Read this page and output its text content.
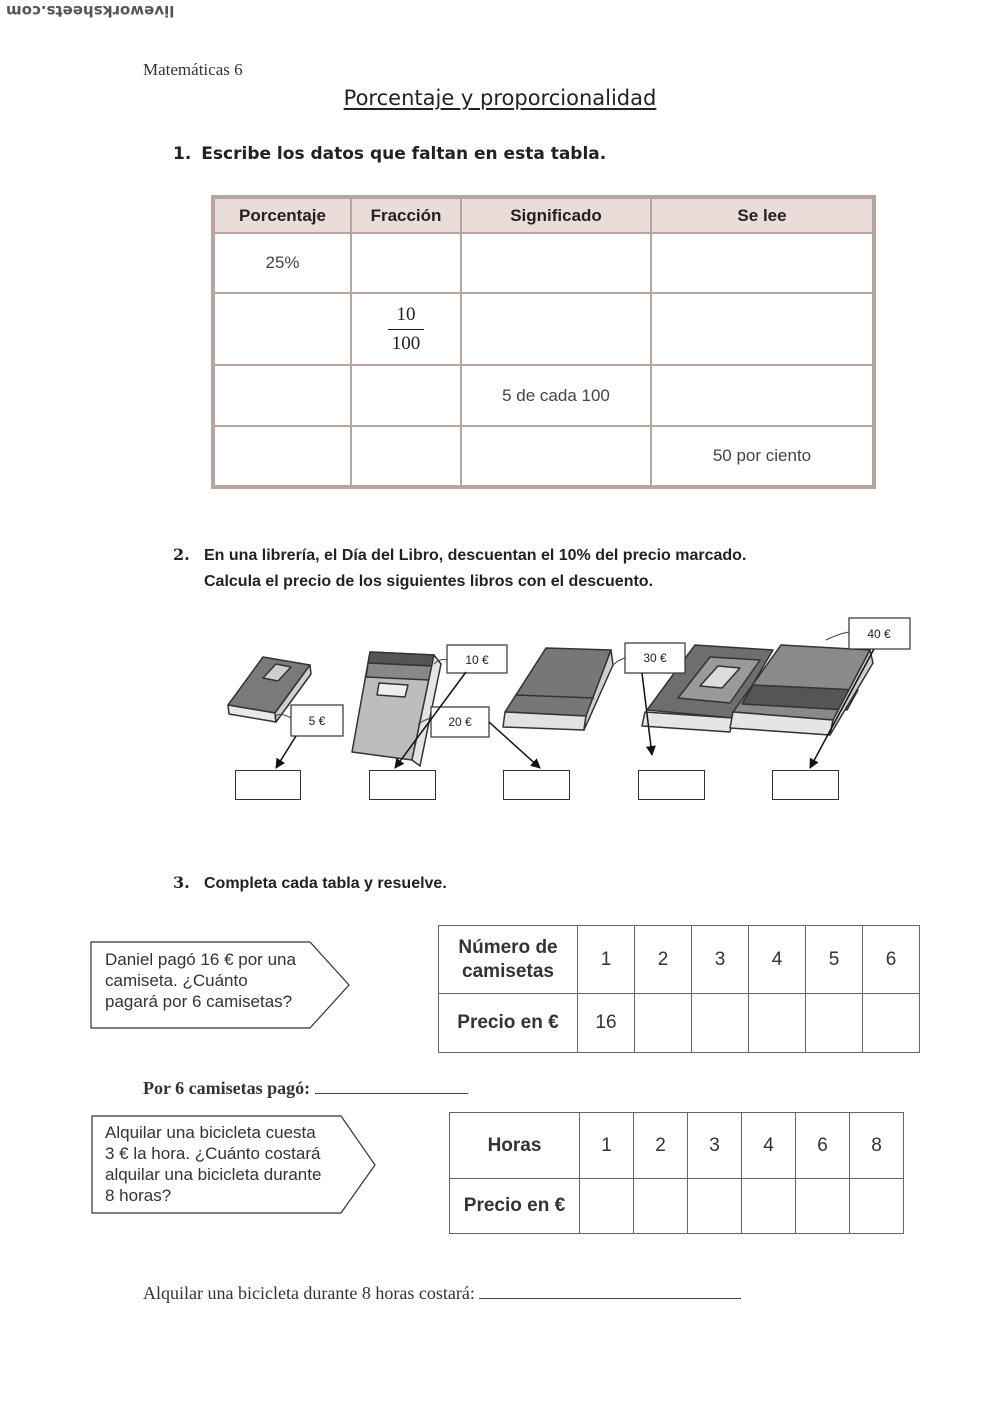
liveworksheets.com
Matemáticas 6
Porcentaje y proporcionalidad
1. Escribe los datos que faltan en esta tabla.
Porcentaje	Fracción	Significado	Se lee
25%			

	$\frac{10}{100}$

		5 de cada 100	
			50 por ciento
2. En una librería, el Día del Libro, descuentan el 10% del precio marcado.
Calcula el precio de los siguientes libros con el descuento.
5 €
10 €
20 €
30 €
40 €
3. Completa cada tabla y resuelve.
Daniel pagó 16 € por una
camiseta. ¿Cuánto
pagará por 6 camisetas?
Número de
camisetas	1	2	3	4	5	6
Precio en €	16					
Por 6 camisetas pagó:
Alquilar una bicicleta cuesta
3 € la hora. ¿Cuánto costará
alquilar una bicicleta durante
8 horas?
Horas	1	2	3	4	6	8
Precio en €						
Alquilar una bicicleta durante 8 horas costará:
